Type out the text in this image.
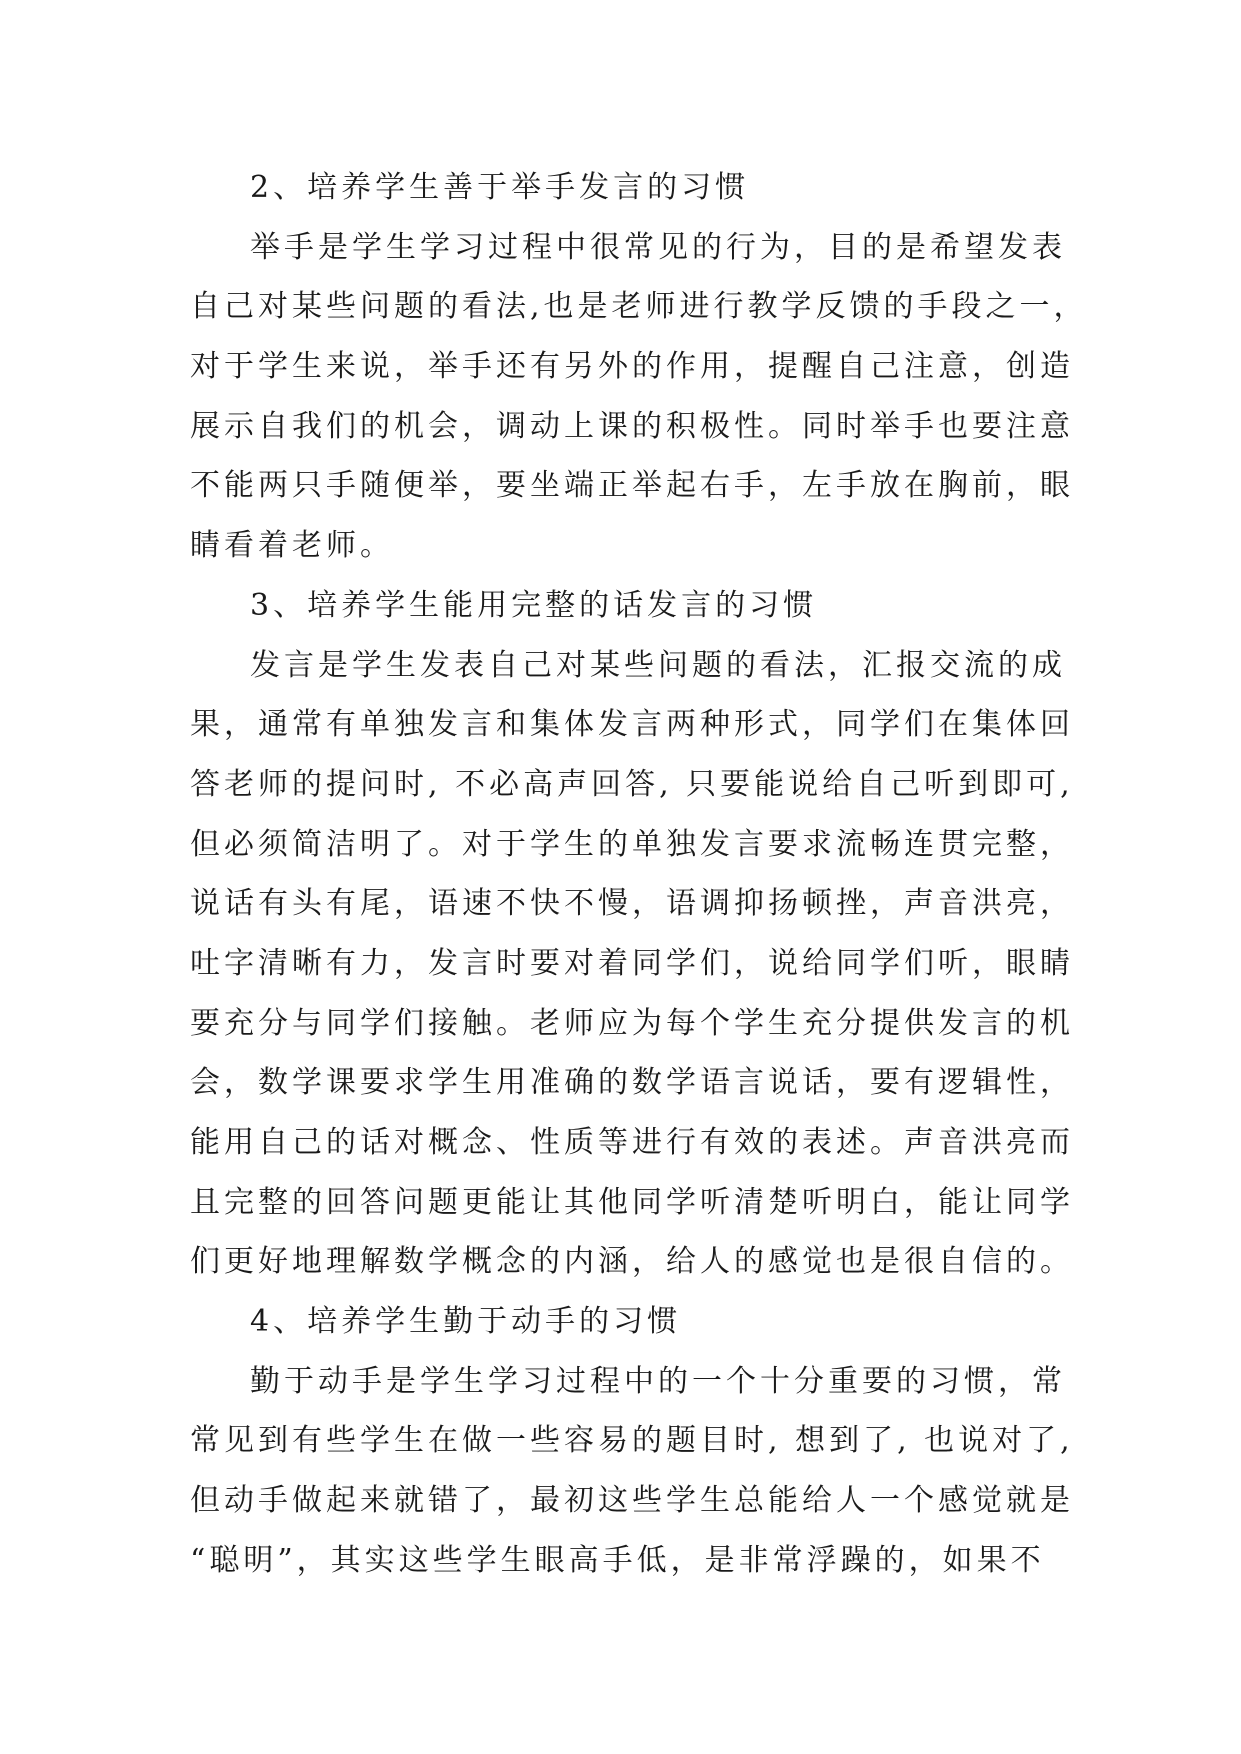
2、培养学生善于举手发言的习惯
举手是学生学习过程中很常见的行为，目的是希望发表
自己对某些问题的看法,也是老师进行教学反馈的手段之一，
对于学生来说，举手还有另外的作用，提醒自己注意，创造
展示自我们的机会，调动上课的积极性。同时举手也要注意
不能两只手随便举，要坐端正举起右手，左手放在胸前，眼
睛看着老师。
3、培养学生能用完整的话发言的习惯
发言是学生发表自己对某些问题的看法，汇报交流的成
果，通常有单独发言和集体发言两种形式，同学们在集体回
答老师的提问时, 不必高声回答, 只要能说给自己听到即可,
但必须简洁明了。对于学生的单独发言要求流畅连贯完整，
说话有头有尾，语速不快不慢，语调抑扬顿挫，声音洪亮，
吐字清晰有力，发言时要对着同学们，说给同学们听，眼睛
要充分与同学们接触。老师应为每个学生充分提供发言的机
会，数学课要求学生用准确的数学语言说话，要有逻辑性，
能用自己的话对概念、性质等进行有效的表述。声音洪亮而
且完整的回答问题更能让其他同学听清楚听明白，能让同学
们更好地理解数学概念的内涵，给人的感觉也是很自信的。
4、培养学生勤于动手的习惯
勤于动手是学生学习过程中的一个十分重要的习惯，常
常见到有些学生在做一些容易的题目时, 想到了, 也说对了,
但动手做起来就错了，最初这些学生总能给人一个感觉就是
“聪明”，其实这些学生眼高手低，是非常浮躁的，如果不
